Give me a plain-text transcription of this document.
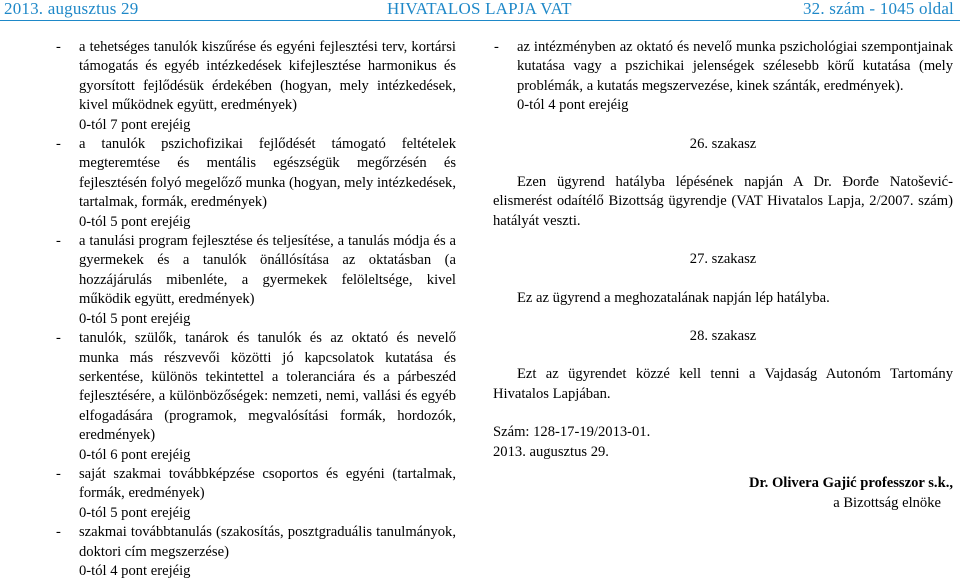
2013. augusztus 29	HIVATALOS LAPJA VAT	32. szám - 1045 oldal
- a tehetséges tanulók kiszűrése és egyéni fejlesztési terv, kortársi támogatás és egyéb intézkedések kifejlesztése harmonikus és gyorsított fejlődésük érdekében (hogyan, mely intézkedések, kivel működnek együtt, eredmények)
0-tól 7 pont erejéig
- a tanulók pszichofizikai fejlődését támogató feltételek megteremtése és mentális egészségük megőrzésén és fejlesztésén folyó megelőző munka (hogyan, mely intézkedések, tartalmak, formák, eredmények)
0-tól 5 pont erejéig
- a tanulási program fejlesztése és teljesítése, a tanulás módja és a gyermekek és a tanulók önállósítása az oktatásban (a hozzájárulás mibenléte, a gyermekek felöleltsége, kivel működik együtt, eredmények)
0-tól 5 pont erejéig
- tanulók, szülők, tanárok és tanulók és az oktató és nevelő munka más részvevői közötti jó kapcsolatok kutatása és serkentése, különös tekintettel a toleranciára és a párbeszéd fejlesztésére, a különbözőségek: nemzeti, nemi, vallási és egyéb elfogadására (programok, megvalósítási formák, hordozók, eredmények)
0-tól 6 pont erejéig
- saját szakmai továbbképzése csoportos és egyéni (tartalmak, formák, eredmények)
0-tól 5 pont erejéig
- szakmai továbbtanulás (szakosítás, posztgraduális tanulmányok, doktori cím megszerzése)
0-tól 4 pont erejéig
- az intézményben az oktató és nevelő munka pszichológiai szempontjainak kutatása vagy a pszichikai jelenségek szélesebb körű kutatása (mely problémák, a kutatás megszervezése, kinek szánták, eredmények).
0-tól 4 pont erejéig
26. szakasz
Ezen ügyrend hatályba lépésének napján A Dr. Đorđe Natošević-elismerést odaítélő Bizottság ügyrendje (VAT Hivatalos Lapja, 2/2007. szám) hatályát veszti.
27. szakasz
Ez az ügyrend a meghozatalának napján lép hatályba.
28. szakasz
Ezt az ügyrendet közzé kell tenni a Vajdaság Autonóm Tartomány Hivatalos Lapjában.
Szám: 128-17-19/2013-01.
2013. augusztus 29.
Dr. Olivera Gajić professzor s.k.,
a Bizottság elnöke
